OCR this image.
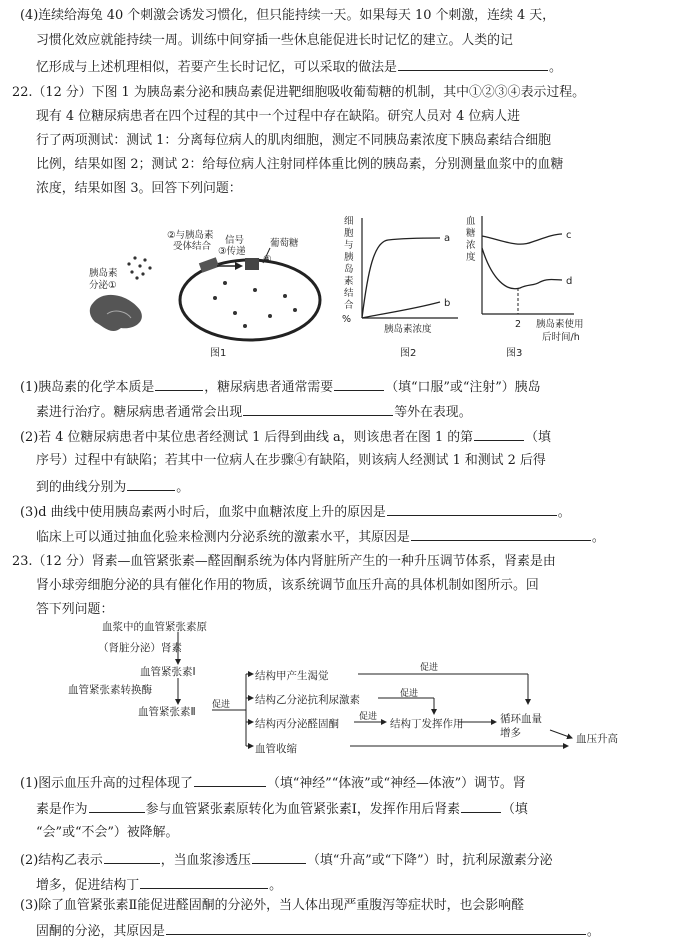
(4)连续给海兔 40 个刺激会诱发习惯化，但只能持续一天。如果每天 10 个刺激，连续 4 天，
习惯化效应就能持续一周。训练中间穿插一些休息能促进长时记忆的建立。人类的记
忆形成与上述机理相似，若要产生长时记忆，可以采取的做法是	。
22.（12 分）下图 1 为胰岛素分泌和胰岛素促进靶细胞吸收葡萄糖的机制，其中①②③④表示过程。
现有 4 位糖尿病患者在四个过程的其中一个过程中存在缺陷。研究人员对 4 位病人进
行了两项测试：测试 1：分离每位病人的肌肉细胞，测定不同胰岛素浓度下胰岛素结合细胞
比例，结果如图 2；测试 2：给每位病人注射同样体重比例的胰岛素，分别测量血浆中的血糖
浓度，结果如图 3。回答下列问题：
②与胰岛素
受体结合
信号
③传递
葡萄糖
④
胰岛素
分泌①
图1
细
胞
与
胰
岛
素
结
合
%
a
b
胰岛素浓度
图2
血
糖
浓
度
c
d
2 胰岛素使用
后时间/h
图3
(1)胰岛素的化学本质是	，糖尿病患者通常需要	（填“口服”或“注射”）胰岛
素进行治疗。糖尿病患者通常会出现	等外在表现。
(2)若 4 位糖尿病患者中某位患者经测试 1 后得到曲线 a，则该患者在图 1 的第	（填
序号）过程中有缺陷；若其中一位病人在步骤④有缺陷，则该病人经测试 1 和测试 2 后得
到的曲线分别为	。
(3)d 曲线中使用胰岛素两小时后，血浆中血糖浓度上升的原因是	。
临床上可以通过抽血化验来检测内分泌系统的激素水平，其原因是	。
23.（12 分）肾素—血管紧张素—醛固酮系统为体内肾脏所产生的一种升压调节体系，肾素是由
肾小球旁细胞分泌的具有催化作用的物质，该系统调节血压升高的具体机制如图所示。回
答下列问题：
血浆中的血管紧张素原
（肾脏分泌）肾素
血管紧张素Ⅰ
血管紧张素转换酶
血管紧张素Ⅱ
促进
结构甲产生渴觉
结构乙分泌抗利尿激素
结构丙分泌醛固酮
血管收缩
促进
促进
促进
结构丁发挥作用	循环血量
增多	血压升高
(1)图示血压升高的过程体现了	（填“神经”“体液”或“神经—体液”）调节。肾
素是作为	参与血管紧张素原转化为血管紧张素Ⅰ，发挥作用后肾素	（填
“会”或“不会”）被降解。
(2)结构乙表示	，当血浆渗透压	（填“升高”或“下降”）时，抗利尿激素分泌
增多，促进结构丁	。
(3)除了血管紧张素Ⅱ能促进醛固酮的分泌外，当人体出现严重腹泻等症状时，也会影响醛
固酮的分泌，其原因是	。
